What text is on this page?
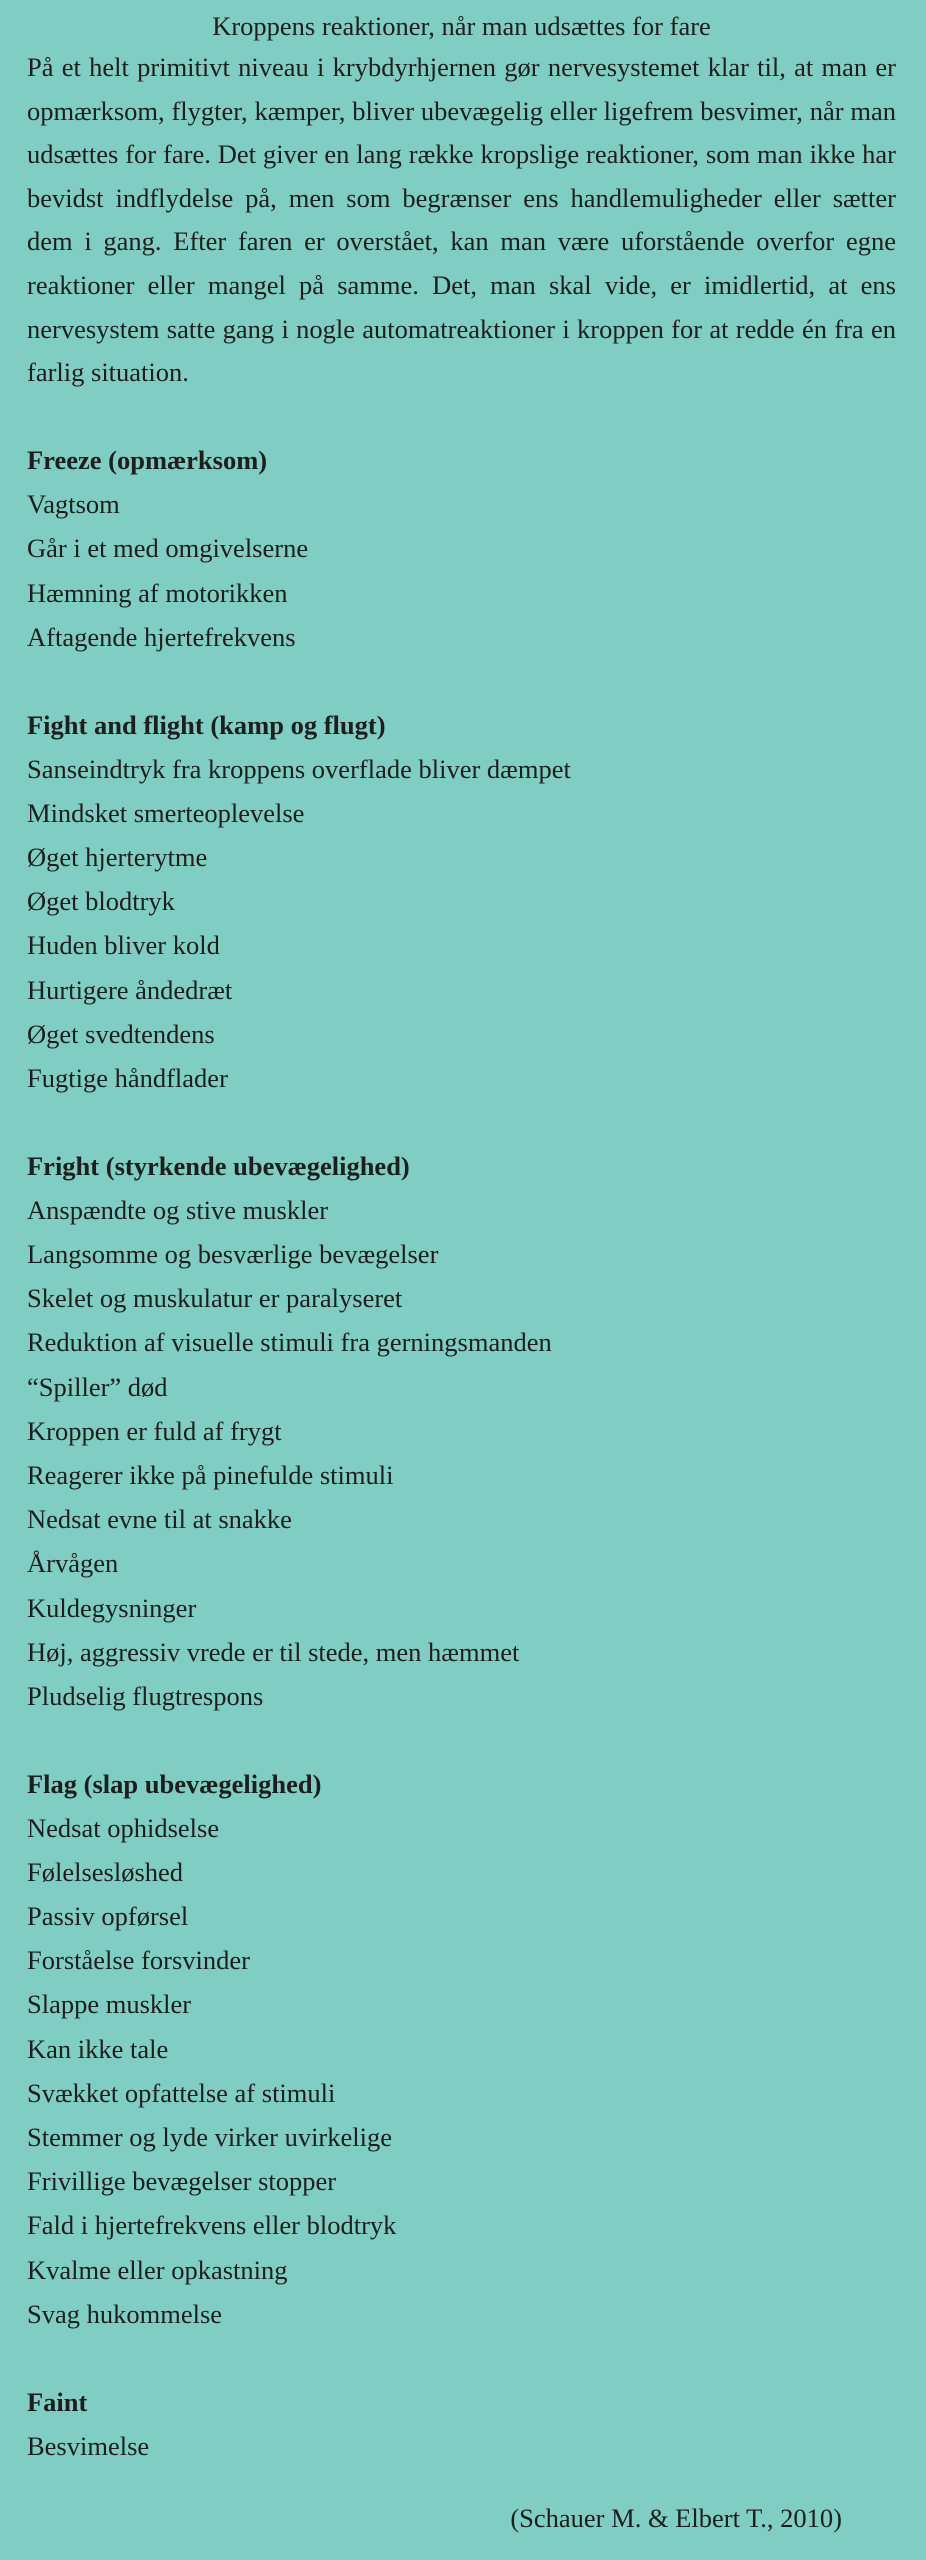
Kroppens reaktioner, når man udsættes for fare

På et helt primitivt niveau i krybdyrhjernen gør nervesystemet klar til, at man er opmærksom, flygter, kæmper, bliver ubevægelig eller ligefrem besvimer, når man udsættes for fare. Det giver en lang række kropslige reaktioner, som man ikke har bevidst indflydelse på, men som begrænser ens handlemuligheder eller sætter dem i gang. Efter faren er overstået, kan man være uforstående overfor egne reaktioner eller mangel på samme. Det, man skal vide, er imidlertid, at ens nervesystem satte gang i nogle automatreaktioner i kroppen for at redde én fra en farlig situation.

Freeze (opmærksom)
Vagtsom
Går i et med omgivelserne
Hæmning af motorikken
Aftagende hjertefrekvens
Fight and flight (kamp og flugt)
Sanseindtryk fra kroppens overflade bliver dæmpet
Mindsket smerteoplevelse
Øget hjerterytme
Øget blodtryk
Huden bliver kold
Hurtigere åndedræt
Øget svedtendens
Fugtige håndflader
Fright (styrkende ubevægelighed)
Anspændte og stive muskler
Langsomme og besværlige bevægelser
Skelet og muskulatur er paralyseret
Reduktion af visuelle stimuli fra gerningsmanden
“Spiller” død
Kroppen er fuld af frygt
Reagerer ikke på pinefulde stimuli
Nedsat evne til at snakke
Årvågen
Kuldegysninger
Høj, aggressiv vrede er til stede, men hæmmet
Pludselig flugtrespons
Flag (slap ubevægelighed)
Nedsat ophidselse
Følelsesløshed
Passiv opførsel
Forståelse forsvinder
Slappe muskler
Kan ikke tale
Svækket opfattelse af stimuli
Stemmer og lyde virker uvirkelige
Frivillige bevægelser stopper
Fald i hjertefrekvens eller blodtryk
Kvalme eller opkastning
Svag hukommelse
Faint
Besvimelse
(Schauer M. & Elbert T., 2010)
